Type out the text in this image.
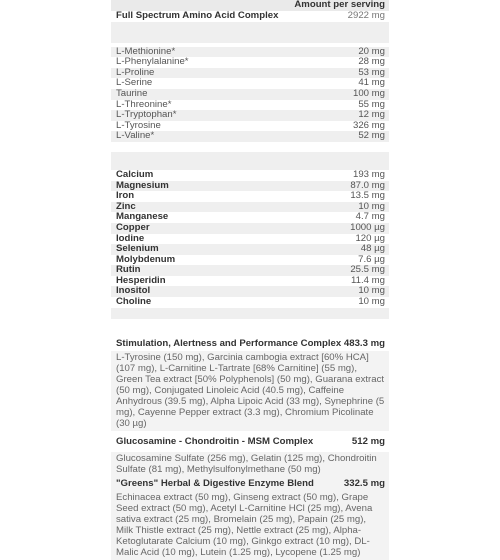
Amount per serving
Full Spectrum Amino Acid Complex	2922 mg
L-Methionine*	20 mg
L-Phenylalanine*	28 mg
L-Proline	53 mg
L-Serine	41 mg
Taurine	100 mg
L-Threonine*	55 mg
L-Tryptophan*	12 mg
L-Tyrosine	326 mg
L-Valine*	52 mg
Calcium	193 mg
Magnesium	87.0 mg
Iron	13.5 mg
Zinc	10 mg
Manganese	4.7 mg
Copper	1000 µg
Iodine	120 µg
Selenium	48 µg
Molybdenum	7.6 µg
Rutin	25.5 mg
Hesperidin	11.4 mg
Inositol	10 mg
Choline	10 mg
Stimulation, Alertness and Performance Complex 483.3 mg
L-Tyrosine (150 mg), Garcinia cambogia extract [60% HCA] (107 mg), L-Carnitine L-Tartrate [68% Carnitine] (55 mg), Green Tea extract [50% Polyphenols] (50 mg), Guarana extract (50 mg), Conjugated Linoleic Acid (40.5 mg), Caffeine Anhydrous (39.5 mg), Alpha Lipoic Acid (33 mg), Synephrine (5 mg), Cayenne Pepper extract (3.3 mg), Chromium Picolinate (30 µg)
Glucosamine - Chondroitin - MSM Complex	512 mg
Glucosamine Sulfate (256 mg), Gelatin (125 mg), Chondroitin Sulfate (81 mg), Methylsulfonylmethane (50 mg)
"Greens" Herbal & Digestive Enzyme Blend	332.5 mg
Echinacea extract (50 mg), Ginseng extract (50 mg), Grape Seed extract (50 mg), Acetyl L-Carnitine HCl (25 mg), Avena sativa extract (25 mg), Bromelain (25 mg), Papain (25 mg), Milk Thistle extract (25 mg), Nettle extract (25 mg), Alpha-Ketoglutarate Calcium (10 mg), Ginkgo extract (10 mg), DL-Malic Acid (10 mg), Lutein (1.25 mg), Lycopene (1.25 mg)
